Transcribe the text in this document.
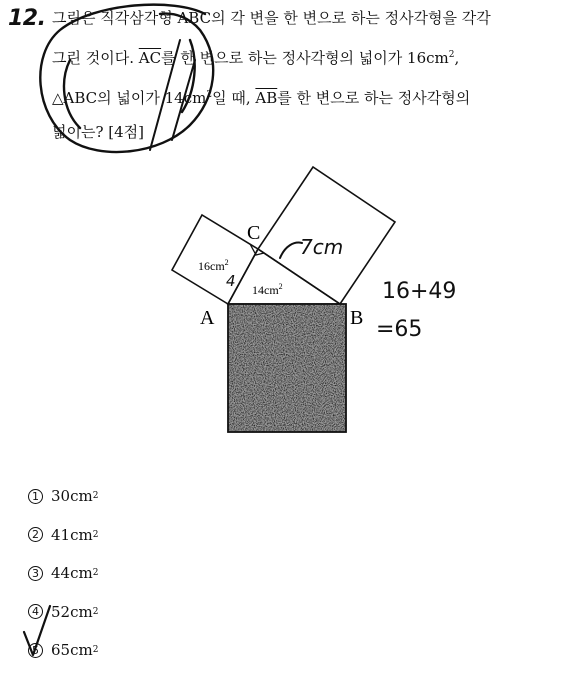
12. 그림은 직각삼각형 ABC의 각 변을 한 변으로 하는 정사각형을 각각
그린 것이다. $\overline{AC}$를 한 변으로 하는 정사각형의 넓이가 $16cm^2$,
△ABC의 넓이가 $14cm^2$일 때, $\overline{AB}$를 한 변으로 하는 정사각형의
넓이는? [4점]
A	B
C
$16cm^2$
$14cm^2$
1 30cm 2
2 41cm 2
3 44cm 2
4 52cm 2
5 65cm 2
7cm
4	16+49
=65
